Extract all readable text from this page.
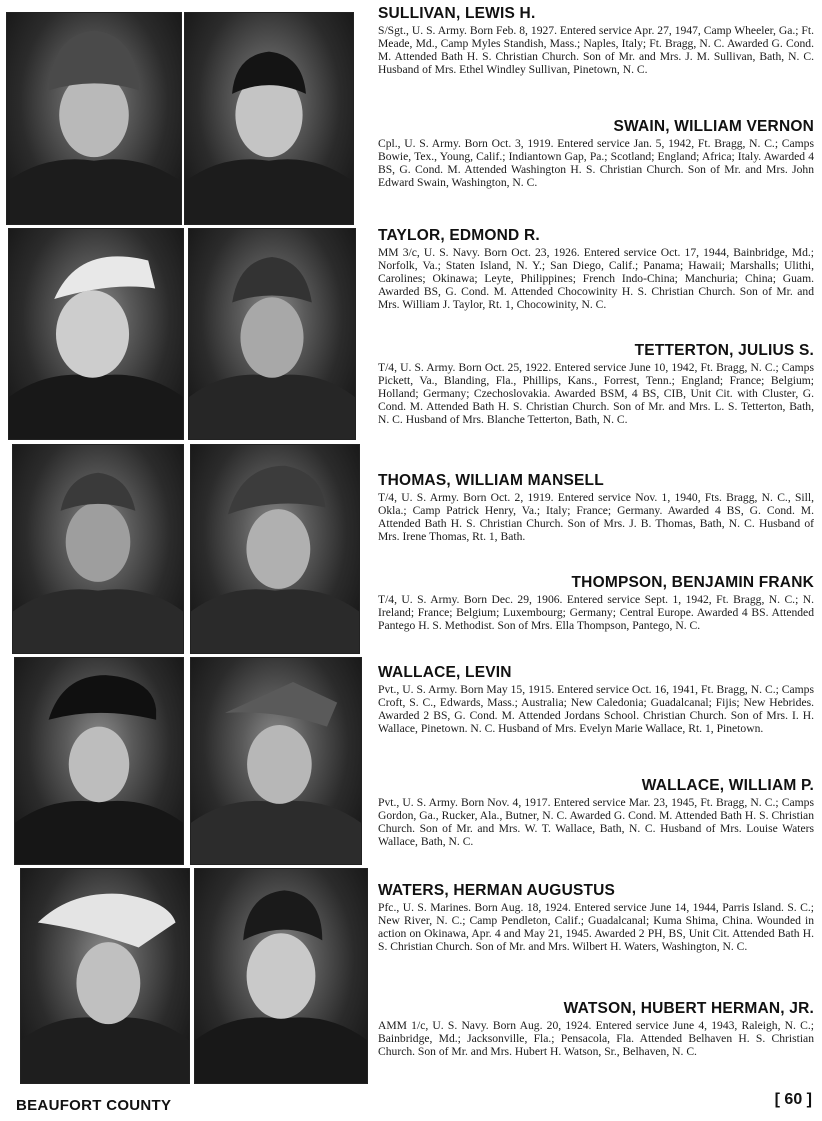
SULLIVAN, LEWIS H.

S/Sgt., U. S. Army. Born Feb. 8, 1927. Entered service Apr. 27, 1947, Camp Wheeler, Ga.; Ft. Meade, Md., Camp Myles Standish, Mass.; Naples, Italy; Ft. Bragg, N. C. Awarded G. Cond. M. Attended Bath H. S. Christian Church. Son of Mr. and Mrs. J. M. Sullivan, Bath, N. C. Husband of Mrs. Ethel Windley Sullivan, Pinetown, N. C.

SWAIN, WILLIAM VERNON

Cpl., U. S. Army. Born Oct. 3, 1919. Entered service Jan. 5, 1942, Ft. Bragg, N. C.; Camps Bowie, Tex., Young, Calif.; Indiantown Gap, Pa.; Scotland; England; Africa; Italy. Awarded 4 BS, G. Cond. M. Attended Washington H. S. Christian Church. Son of Mr. and Mrs. John Edward Swain, Washington, N. C.

TAYLOR, EDMOND R.

MM 3/c, U. S. Navy. Born Oct. 23, 1926. Entered service Oct. 17, 1944, Bainbridge, Md.; Norfolk, Va.; Staten Island, N. Y.; San Diego, Calif.; Panama; Hawaii; Marshalls; Ulithi, Carolines; Okinawa; Leyte, Philippines; French Indo-China; Manchuria; China; Guam. Awarded BS, G. Cond. M. Attended Chocowinity H. S. Christian Church. Son of Mr. and Mrs. William J. Taylor, Rt. 1, Chocowinity, N. C.

TETTERTON, JULIUS S.

T/4, U. S. Army. Born Oct. 25, 1922. Entered service June 10, 1942, Ft. Bragg, N. C.; Camps Pickett, Va., Blanding, Fla., Phillips, Kans., Forrest, Tenn.; England; France; Belgium; Holland; Germany; Czechoslovakia. Awarded BSM, 4 BS, CIB, Unit Cit. with Cluster, G. Cond. M. Attended Bath H. S. Christian Church. Son of Mr. and Mrs. L. S. Tetterton, Bath, N. C. Husband of Mrs. Blanche Tetterton, Bath, N. C.

THOMAS, WILLIAM MANSELL

T/4, U. S. Army. Born Oct. 2, 1919. Entered service Nov. 1, 1940, Fts. Bragg, N. C., Sill, Okla.; Camp Patrick Henry, Va.; Italy; France; Germany. Awarded 4 BS, G. Cond. M. Attended Bath H. S. Christian Church. Son of Mrs. J. B. Thomas, Bath, N. C. Husband of Mrs. Irene Thomas, Rt. 1, Bath.

THOMPSON, BENJAMIN FRANK

T/4, U. S. Army. Born Dec. 29, 1906. Entered service Sept. 1, 1942, Ft. Bragg, N. C.; N. Ireland; France; Belgium; Luxembourg; Germany; Central Europe. Awarded 4 BS. Attended Pantego H. S. Methodist. Son of Mrs. Ella Thompson, Pantego, N. C.

WALLACE, LEVIN

Pvt., U. S. Army. Born May 15, 1915. Entered service Oct. 16, 1941, Ft. Bragg, N. C.; Camps Croft, S. C., Edwards, Mass.; Australia; New Caledonia; Guadalcanal; Fijis; New Hebrides. Awarded 2 BS, G. Cond. M. Attended Jordans School. Christian Church. Son of Mrs. I. H. Wallace, Pinetown. N. C. Husband of Mrs. Evelyn Marie Wallace, Rt. 1, Pinetown.

WALLACE, WILLIAM P.

Pvt., U. S. Army. Born Nov. 4, 1917. Entered service Mar. 23, 1945, Ft. Bragg, N. C.; Camps Gordon, Ga., Rucker, Ala., Butner, N. C. Awarded G. Cond. M. Attended Bath H. S. Christian Church. Son of Mr. and Mrs. W. T. Wallace, Bath, N. C. Husband of Mrs. Louise Waters Wallace, Bath, N. C.

WATERS, HERMAN AUGUSTUS

Pfc., U. S. Marines. Born Aug. 18, 1924. Entered service June 14, 1944, Parris Island. S. C.; New River, N. C.; Camp Pendleton, Calif.; Guadalcanal; Kuma Shima, China. Wounded in action on Okinawa, Apr. 4 and May 21, 1945. Awarded 2 PH, BS, Unit Cit. Attended Bath H. S. Christian Church. Son of Mr. and Mrs. Wilbert H. Waters, Washington, N. C.

WATSON, HUBERT HERMAN, JR.

AMM 1/c, U. S. Navy. Born Aug. 20, 1924. Entered service June 4, 1943, Raleigh, N. C.; Bainbridge, Md.; Jacksonville, Fla.; Pensacola, Fla. Attended Belhaven H. S. Christian Church. Son of Mr. and Mrs. Hubert H. Watson, Sr., Belhaven, N. C.

BEAUFORT COUNTY	[ 60 ]
